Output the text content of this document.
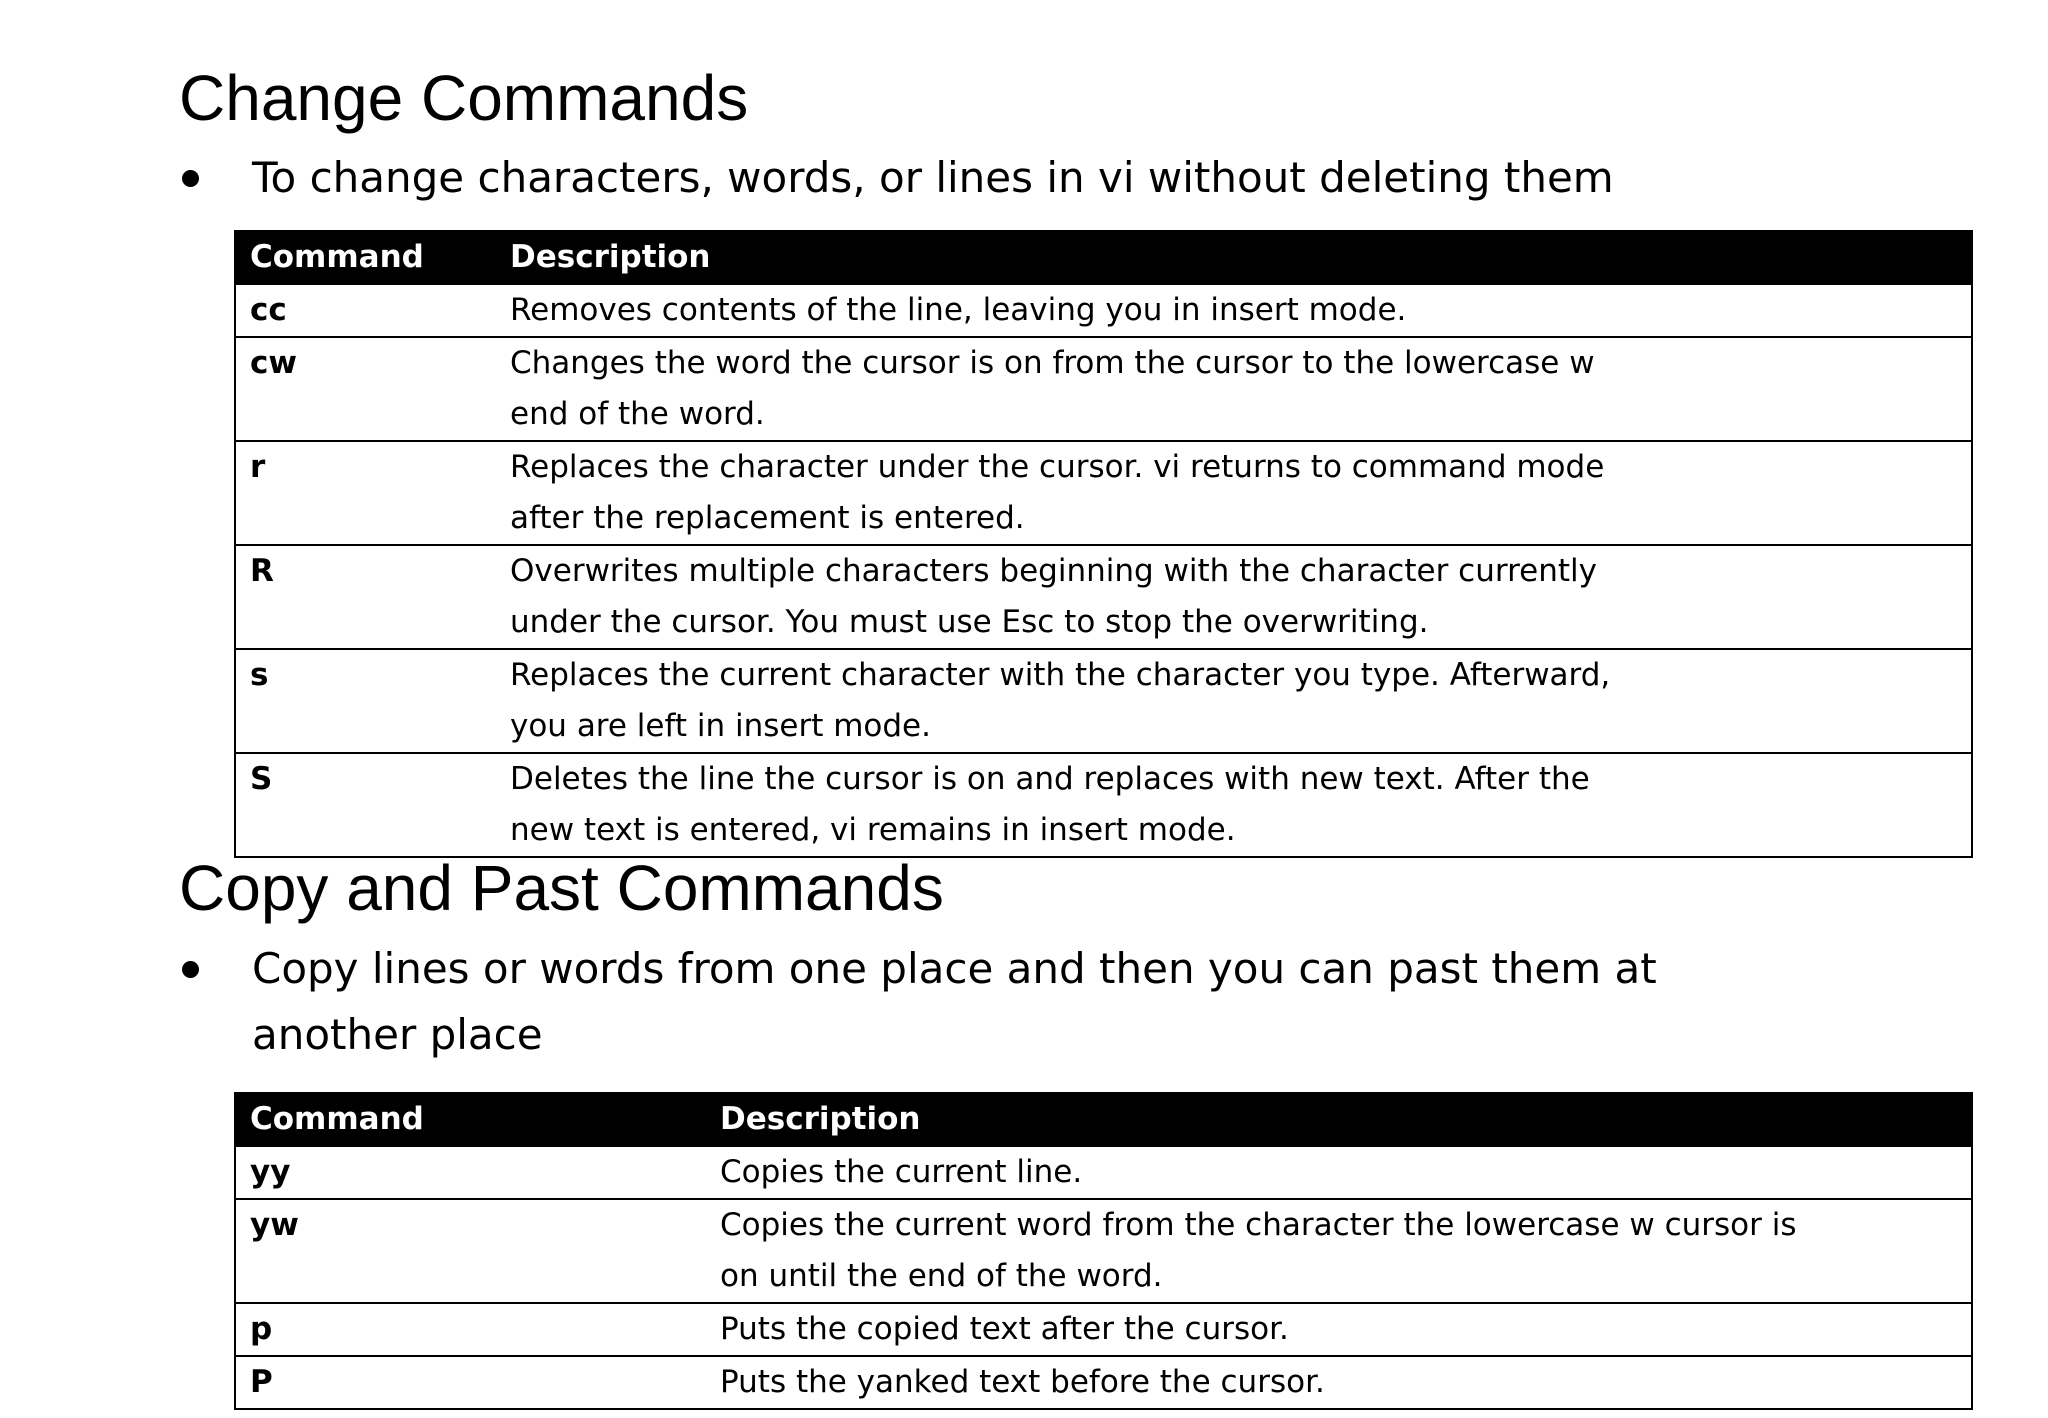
Change Commands
To change characters, words, or lines in vi without deleting them
Command	Description
cc	Removes contents of the line, leaving you in insert mode.
cw	Changes the word the cursor is on from the cursor to the lowercase w
end of the word.
r	Replaces the character under the cursor. vi returns to command mode
after the replacement is entered.
R	Overwrites multiple characters beginning with the character currently
under the cursor. You must use Esc to stop the overwriting.
s	Replaces the current character with the character you type. Afterward,
you are left in insert mode.
S	Deletes the line the cursor is on and replaces with new text. After the
new text is entered, vi remains in insert mode.
Copy and Past Commands
Copy lines or words from one place and then you can past them at another place
Command	Description
yy	Copies the current line.
yw	Copies the current word from the character the lowercase w cursor is
on until the end of the word.
p	Puts the copied text after the cursor.
P	Puts the yanked text before the cursor.
